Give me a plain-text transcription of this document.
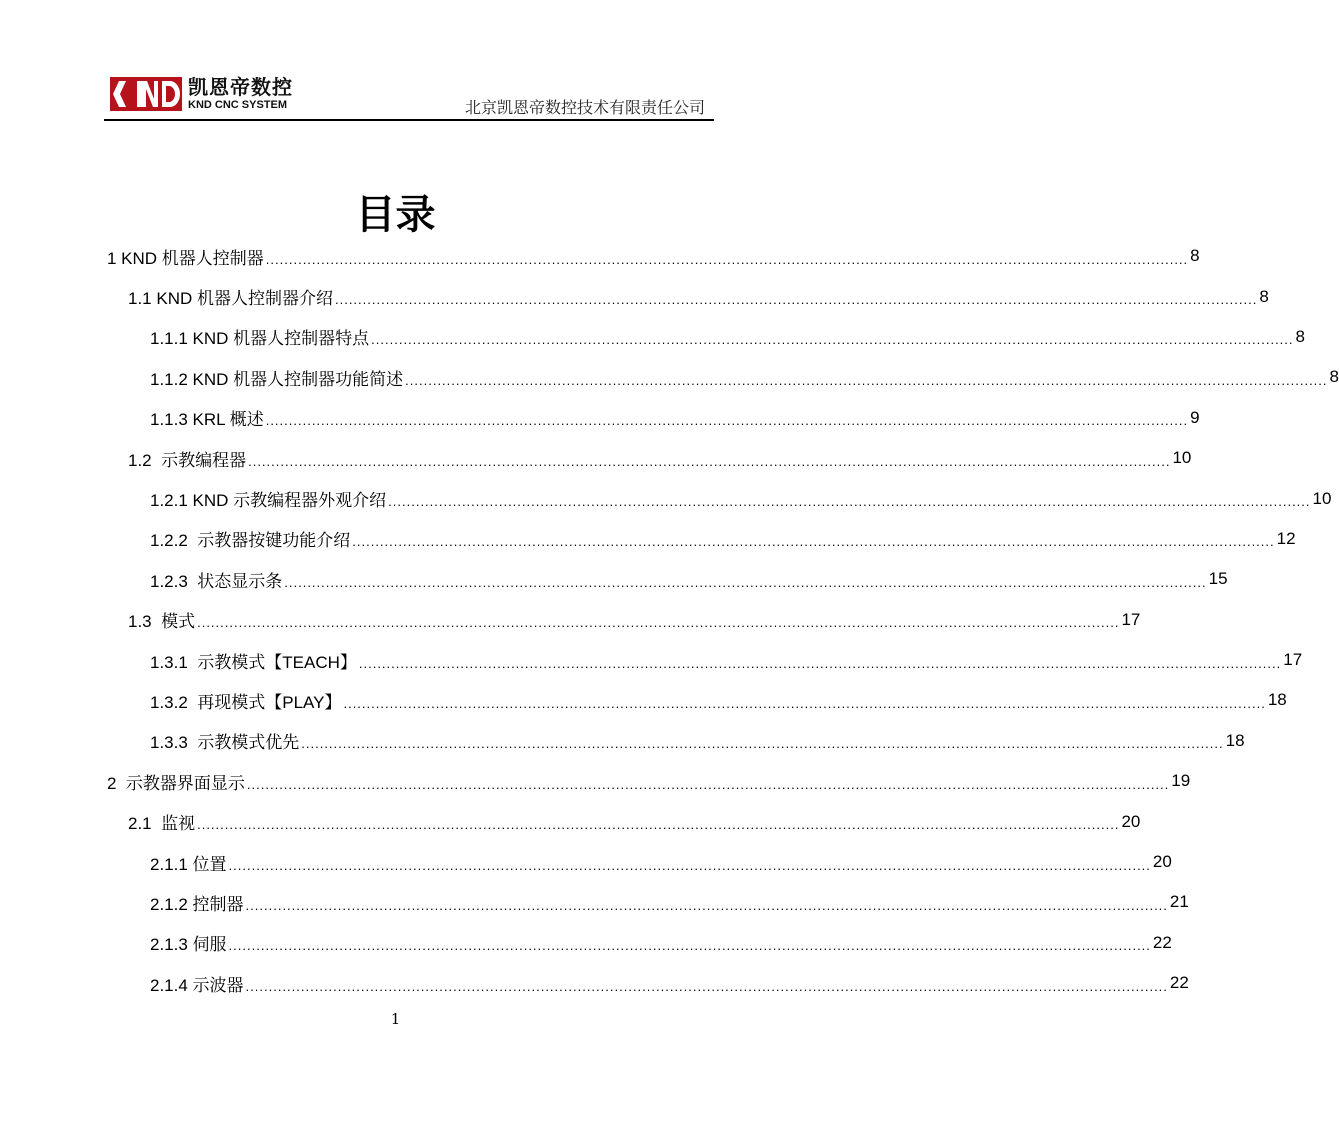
凯恩帝数控
KND CNC SYSTEM	北京凯恩帝数控技术有限责任公司
目录
1 KND 机器人控制器 ........................................................................................................................................................................................................ 8
1.1 KND 机器人控制器介绍 ........................................................................................................................................................................................................ 8
1.1.1 KND 机器人控制器特点 ........................................................................................................................................................................................................ 8
1.1.2 KND 机器人控制器功能简述 ........................................................................................................................................................................................................ 8
1.1.3 KRL 概述 ........................................................................................................................................................................................................ 9
1.2  示教编程器 ........................................................................................................................................................................................................ 10
1.2.1 KND 示教编程器外观介绍 ........................................................................................................................................................................................................ 10
1.2.2  示教器按键功能介绍 ........................................................................................................................................................................................................ 12
1.2.3  状态显示条 ........................................................................................................................................................................................................ 15
1.3  模式 ........................................................................................................................................................................................................ 17
1.3.1  示教模式【TEACH】 ........................................................................................................................................................................................................ 17
1.3.2  再现模式【PLAY】 ........................................................................................................................................................................................................ 18
1.3.3  示教模式优先 ........................................................................................................................................................................................................ 18
2  示教器界面显示 ........................................................................................................................................................................................................ 19
2.1  监视 ........................................................................................................................................................................................................ 20
2.1.1 位置 ........................................................................................................................................................................................................ 20
2.1.2 控制器 ........................................................................................................................................................................................................ 21
2.1.3 伺服 ........................................................................................................................................................................................................ 22
2.1.4 示波器 ........................................................................................................................................................................................................ 22
1
